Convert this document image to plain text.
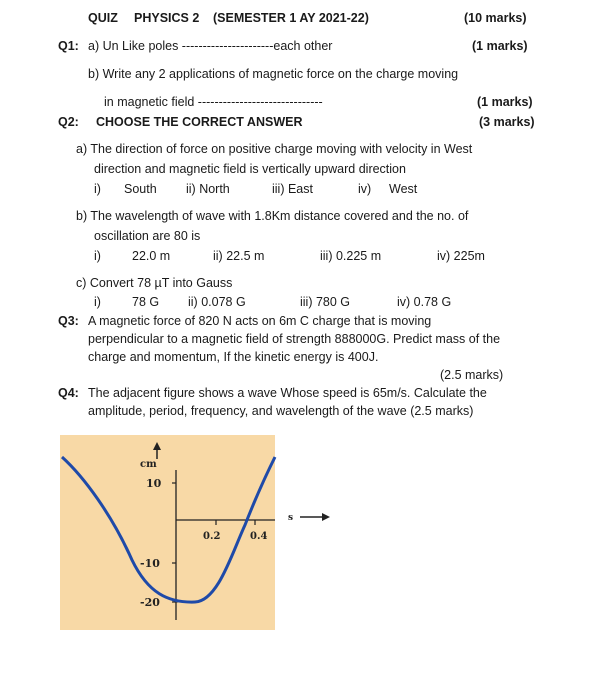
QUIZ PHYSICS 2 (SEMESTER 1 AY 2021-22)	(10 marks)
Q1: a) Un Like poles ----------------------each other	(1 marks)
b) Write any 2 applications of magnetic force on the charge moving
in magnetic field ------------------------------	(1 marks)
Q2: CHOOSE THE CORRECT ANSWER	(3 marks)
a) The direction of force on positive charge moving with velocity in West
direction and magnetic field is vertically upward direction
i) South ii) North	iii) East	iv) West
b) The wavelength of wave with 1.8Km distance covered and the no. of
oscillation are 80 is
i) 22.0 m	ii) 22.5 m	iii) 0.225 m	iv) 225m
c) Convert 78 µT into Gauss
i) 78 G ii) 0.078 G	iii) 780 G	iv) 0.78 G
Q3: A magnetic force of 820 N acts on 6m C charge that is moving
perpendicular to a magnetic field of strength 888000G. Predict mass of the
charge and momentum, If the kinetic energy is 400J.
(2.5 marks)
Q4: The adjacent figure shows a wave Whose speed is 65m/s. Calculate the
amplitude, period, frequency, and wavelength of the wave (2.5 marks)
cm
10
-10
-20
0.2	0.4
s
